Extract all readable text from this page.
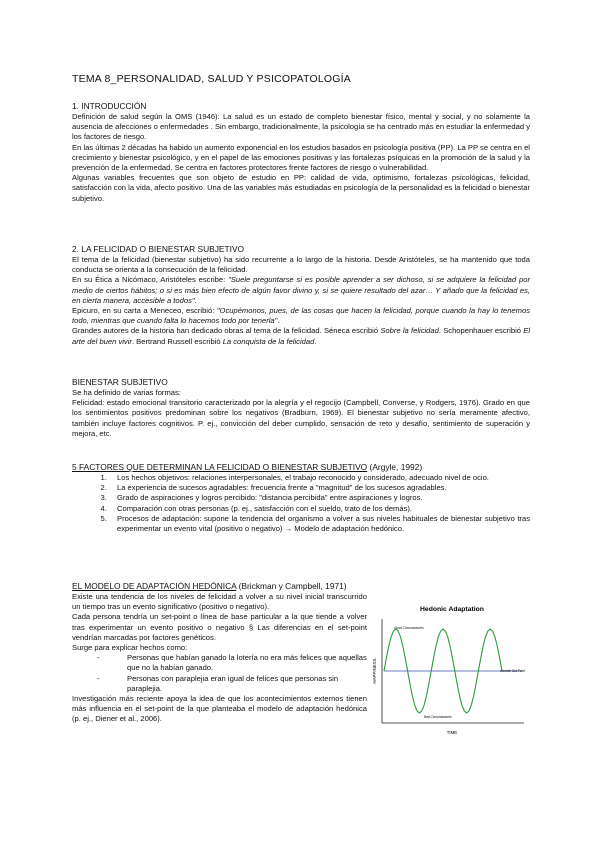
TEMA 8_PERSONALIDAD, SALUD Y PSICOPATOLOGÍA
1. INTRODUCCIÓN

Definición de salud según la OMS (1946): La salud es un estado de completo bienestar físico, mental y social, y no solamente la ausencia de afecciones o enfermedades . Sin embargo, tradicionalmente, la psicología se ha centrado más en estudiar la enfermedad y los factores de riesgo.

En las últimas 2 décadas ha habido un aumento exponencial en los estudios basados en psicología positiva (PP). La PP se centra en el crecimiento y bienestar psicológico, y en el papel de las emociones positivas y las fortalezas psíquicas en la promoción de la salud y la prevención de la enfermedad. Se centra en factores protectores frente factores de riesgo o vulnerabilidad.

Algunas variables frecuentes que son objeto de estudio en PP: calidad de vida, optimismo, fortalezas psicológicas, felicidad, satisfacción con la vida, afecto positivo. Una de las variables más estudiadas en psicología de la personalidad es la felicidad o bienestar subjetivo.

2. LA FELICIDAD O BIENESTAR SUBJETIVO

El tema de la felicidad (bienestar subjetivo) ha sido recurrente a lo largo de la historia. Desde Aristóteles, se ha mantenido que toda conducta se orienta a la consecución de la felicidad.

En su Ética a Nicómaco, Aristóteles escribe: "Suele preguntarse si es posible aprender a ser dichoso, si se adquiere la felicidad por medio de ciertos hábitos; o si es más bien efecto de algún favor divino y, si se quiere resultado del azar… Y añado que la felicidad es, en cierta manera, accesible a todos".

Epicuro, en su carta a Meneceo, escribió: "Ocupémonos, pues, de las cosas que hacen la felicidad, porque cuando la hay lo tenemos todo, mientras que cuando falta lo hacemos todo por tenerla".

Grandes autores de la historia han dedicado obras al tema de la felicidad. Séneca escribió Sobre la felicidad. Schopenhauer escribió El arte del buen vivir. Bertrand Russell escribió La conquista de la felicidad.

BIENESTAR SUBJETIVO

Se ha definido de varias formas:

Felicidad: estado emocional transitorio caracterizado por la alegría y el regocijo (Campbell, Converse, y Rodgers, 1976). Grado en que los sentimientos positivos predominan sobre los negativos (Bradburn, 1969). El bienestar subjetivo no sería meramente afectivo, también incluye factores cognitivos. P. ej., convicción del deber cumplido, sensación de reto y desafío, sentimiento de superación y mejora, etc.

5 FACTORES QUE DETERMINAN LA FELICIDAD O BIENESTAR SUBJETIVO (Argyle, 1992)
1. Los hechos objetivos: relaciones interpersonales, el trabajo reconocido y considerado, adecuado nivel de ocio.
2. La experiencia de sucesos agradables: frecuencia frente a "magnitud" de los sucesos agradables.
3. Grado de aspiraciones y logros percibido: "distancia percibida" entre aspiraciones y logros.
4. Comparación con otras personas (p. ej., satisfacción con el sueldo, trato de los demás).
5. Procesos de adaptación: supone la tendencia del organismo a volver a sus niveles habituales de bienestar subjetivo tras experimentar un evento vital (positivo o negativo) → Modelo de adaptación hedónico.
EL MODELO DE ADAPTACIÓN HEDÓNICA (Brickman y Campbell, 1971)

Existe una tendencia de los niveles de felicidad a volver a su nivel inicial transcurrido un tiempo tras un evento significativo (positivo o negativo).

Cada persona tendría un set-point o línea de base particular a la que tiende a volver tras experimentar un evento positivo o negativo § Las diferencias en el set-point vendrían marcadas por factores genéticos.

Surge para explicar hechos como:

- Personas que habían ganado la lotería no era más felices que aquellas que no la habían ganado.
- Personas con paraplejia eran igual de felices que personas sin paraplejia.

Investigación más reciente apoya la idea de que los acontecimientos externos tienen más influencia en el set-point de la que planteaba el modelo de adaptación hedónica (p. ej., Diener et al., 2006).

Hedonic Adaptation
HAPPINESS
TIME
Good Circumstances
Genetic Set-Point
Bad Circumstances
